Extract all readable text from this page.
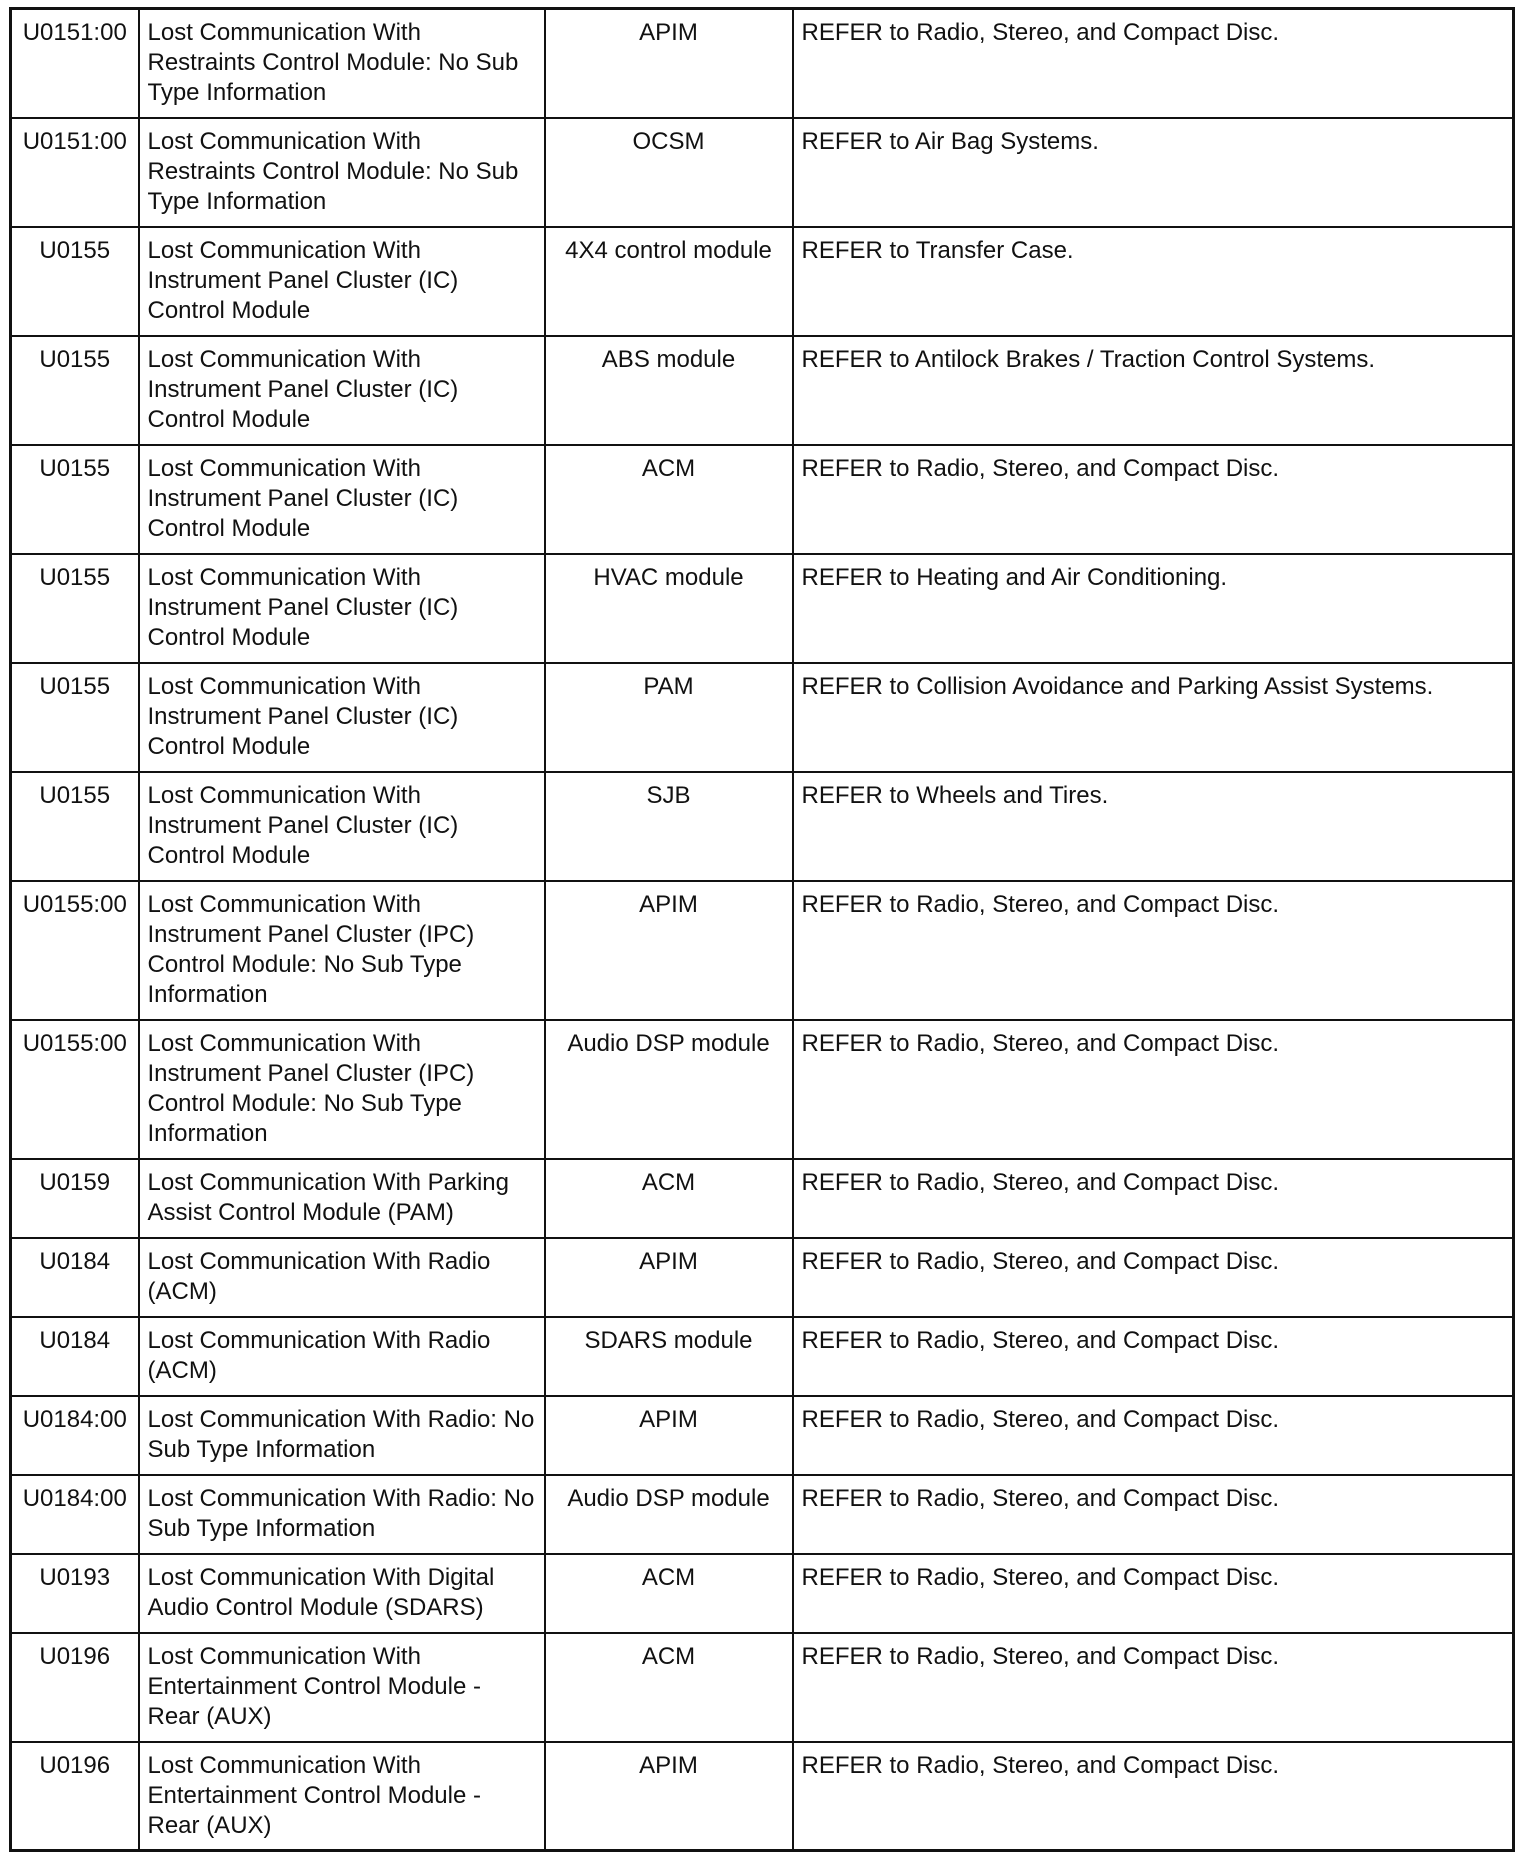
U0151:00	Lost Communication With Restraints Control Module: No Sub Type Information	APIM	REFER to Radio, Stereo, and Compact Disc.
U0151:00	Lost Communication With Restraints Control Module: No Sub Type Information	OCSM	REFER to Air Bag Systems.
U0155	Lost Communication With Instrument Panel Cluster (IC) Control Module	4X4 control module	REFER to Transfer Case.
U0155	Lost Communication With Instrument Panel Cluster (IC) Control Module	ABS module	REFER to Antilock Brakes / Traction Control Systems.
U0155	Lost Communication With Instrument Panel Cluster (IC) Control Module	ACM	REFER to Radio, Stereo, and Compact Disc.
U0155	Lost Communication With Instrument Panel Cluster (IC) Control Module	HVAC module	REFER to Heating and Air Conditioning.
U0155	Lost Communication With Instrument Panel Cluster (IC) Control Module	PAM	REFER to Collision Avoidance and Parking Assist Systems.
U0155	Lost Communication With Instrument Panel Cluster (IC) Control Module	SJB	REFER to Wheels and Tires.
U0155:00	Lost Communication With Instrument Panel Cluster (IPC) Control Module: No Sub Type Information	APIM	REFER to Radio, Stereo, and Compact Disc.
U0155:00	Lost Communication With Instrument Panel Cluster (IPC) Control Module: No Sub Type Information	Audio DSP module	REFER to Radio, Stereo, and Compact Disc.
U0159	Lost Communication With Parking Assist Control Module (PAM)	ACM	REFER to Radio, Stereo, and Compact Disc.
U0184	Lost Communication With Radio (ACM)	APIM	REFER to Radio, Stereo, and Compact Disc.
U0184	Lost Communication With Radio (ACM)	SDARS module	REFER to Radio, Stereo, and Compact Disc.
U0184:00	Lost Communication With Radio: No Sub Type Information	APIM	REFER to Radio, Stereo, and Compact Disc.
U0184:00	Lost Communication With Radio: No Sub Type Information	Audio DSP module	REFER to Radio, Stereo, and Compact Disc.
U0193	Lost Communication With Digital Audio Control Module (SDARS)	ACM	REFER to Radio, Stereo, and Compact Disc.
U0196	Lost Communication With Entertainment Control Module - Rear (AUX)	ACM	REFER to Radio, Stereo, and Compact Disc.
U0196	Lost Communication With Entertainment Control Module - Rear (AUX)	APIM	REFER to Radio, Stereo, and Compact Disc.
